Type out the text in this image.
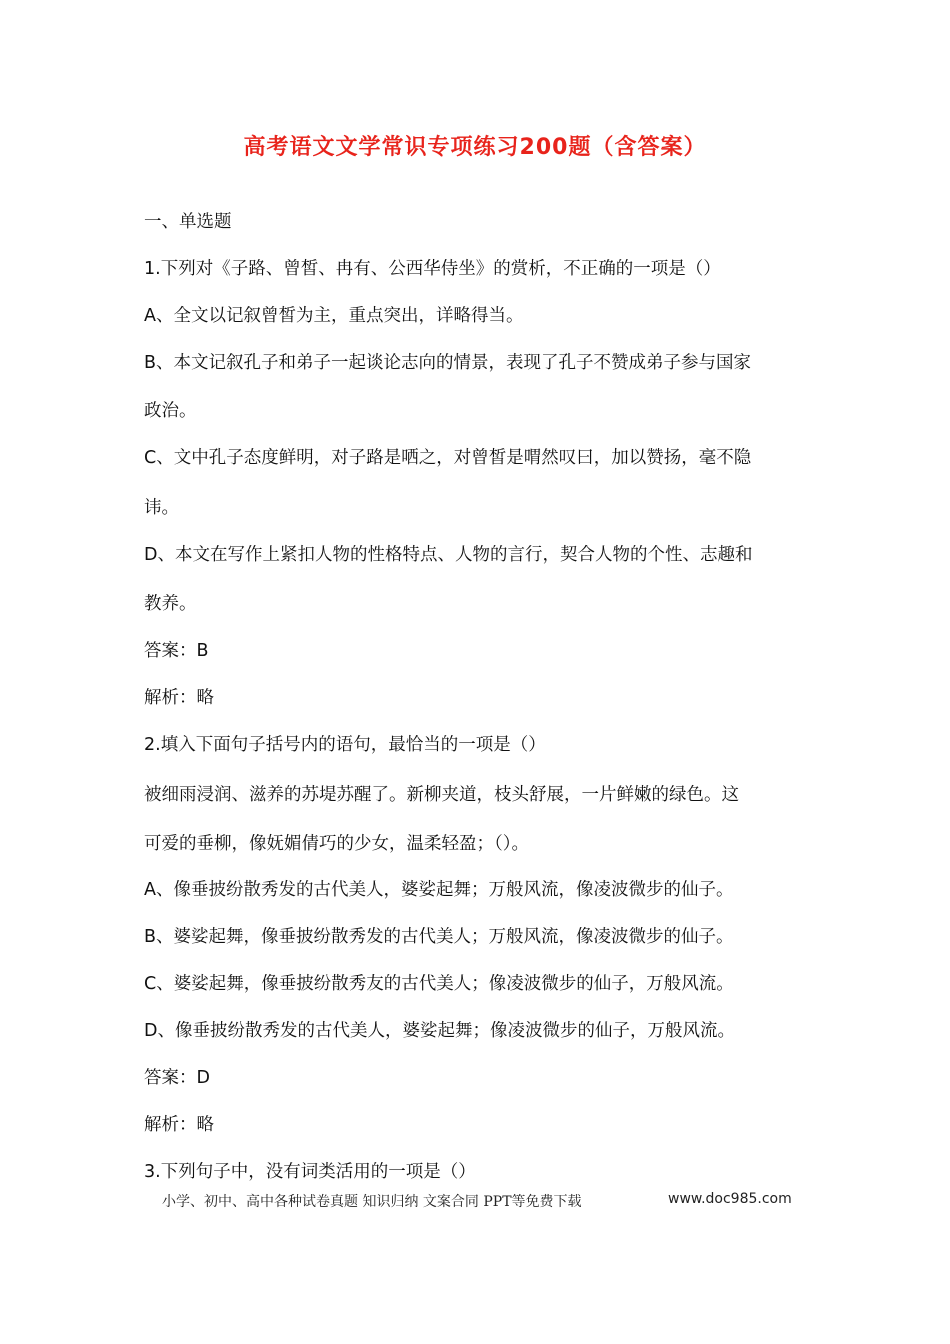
高考语文文学常识专项练习200题（含答案）
一、单选题
1.下列对《子路、曾皙、冉有、公西华侍坐》的赏析，不正确的一项是（）
A、全文以记叙曾皙为主，重点突出，详略得当。
B、本文记叙孔子和弟子一起谈论志向的情景，表现了孔子不赞成弟子参与国家
政治。
C、文中孔子态度鲜明，对子路是哂之，对曾皙是喟然叹曰，加以赞扬，毫不隐
讳。
D、本文在写作上紧扣人物的性格特点、人物的言行，契合人物的个性、志趣和
教养。
答案：B
解析：略
2.填入下面句子括号内的语句，最恰当的一项是（）
被细雨浸润、滋养的苏堤苏醒了。新柳夹道，枝头舒展，一片鲜嫩的绿色。这
可爱的垂柳，像妩媚倩巧的少女，温柔轻盈；（）。
A、像垂披纷散秀发的古代美人，婆娑起舞；万般风流，像凌波微步的仙子。
B、婆娑起舞，像垂披纷散秀发的古代美人；万般风流，像凌波微步的仙子。
C、婆娑起舞，像垂披纷散秀友的古代美人；像凌波微步的仙子，万般风流。
D、像垂披纷散秀发的古代美人，婆娑起舞；像凌波微步的仙子，万般风流。
答案：D
解析：略
3.下列句子中，没有词类活用的一项是（）
小学、初中、高中各种试卷真题 知识归纳 文案合同 PPT等免费下载	www.doc985.com
